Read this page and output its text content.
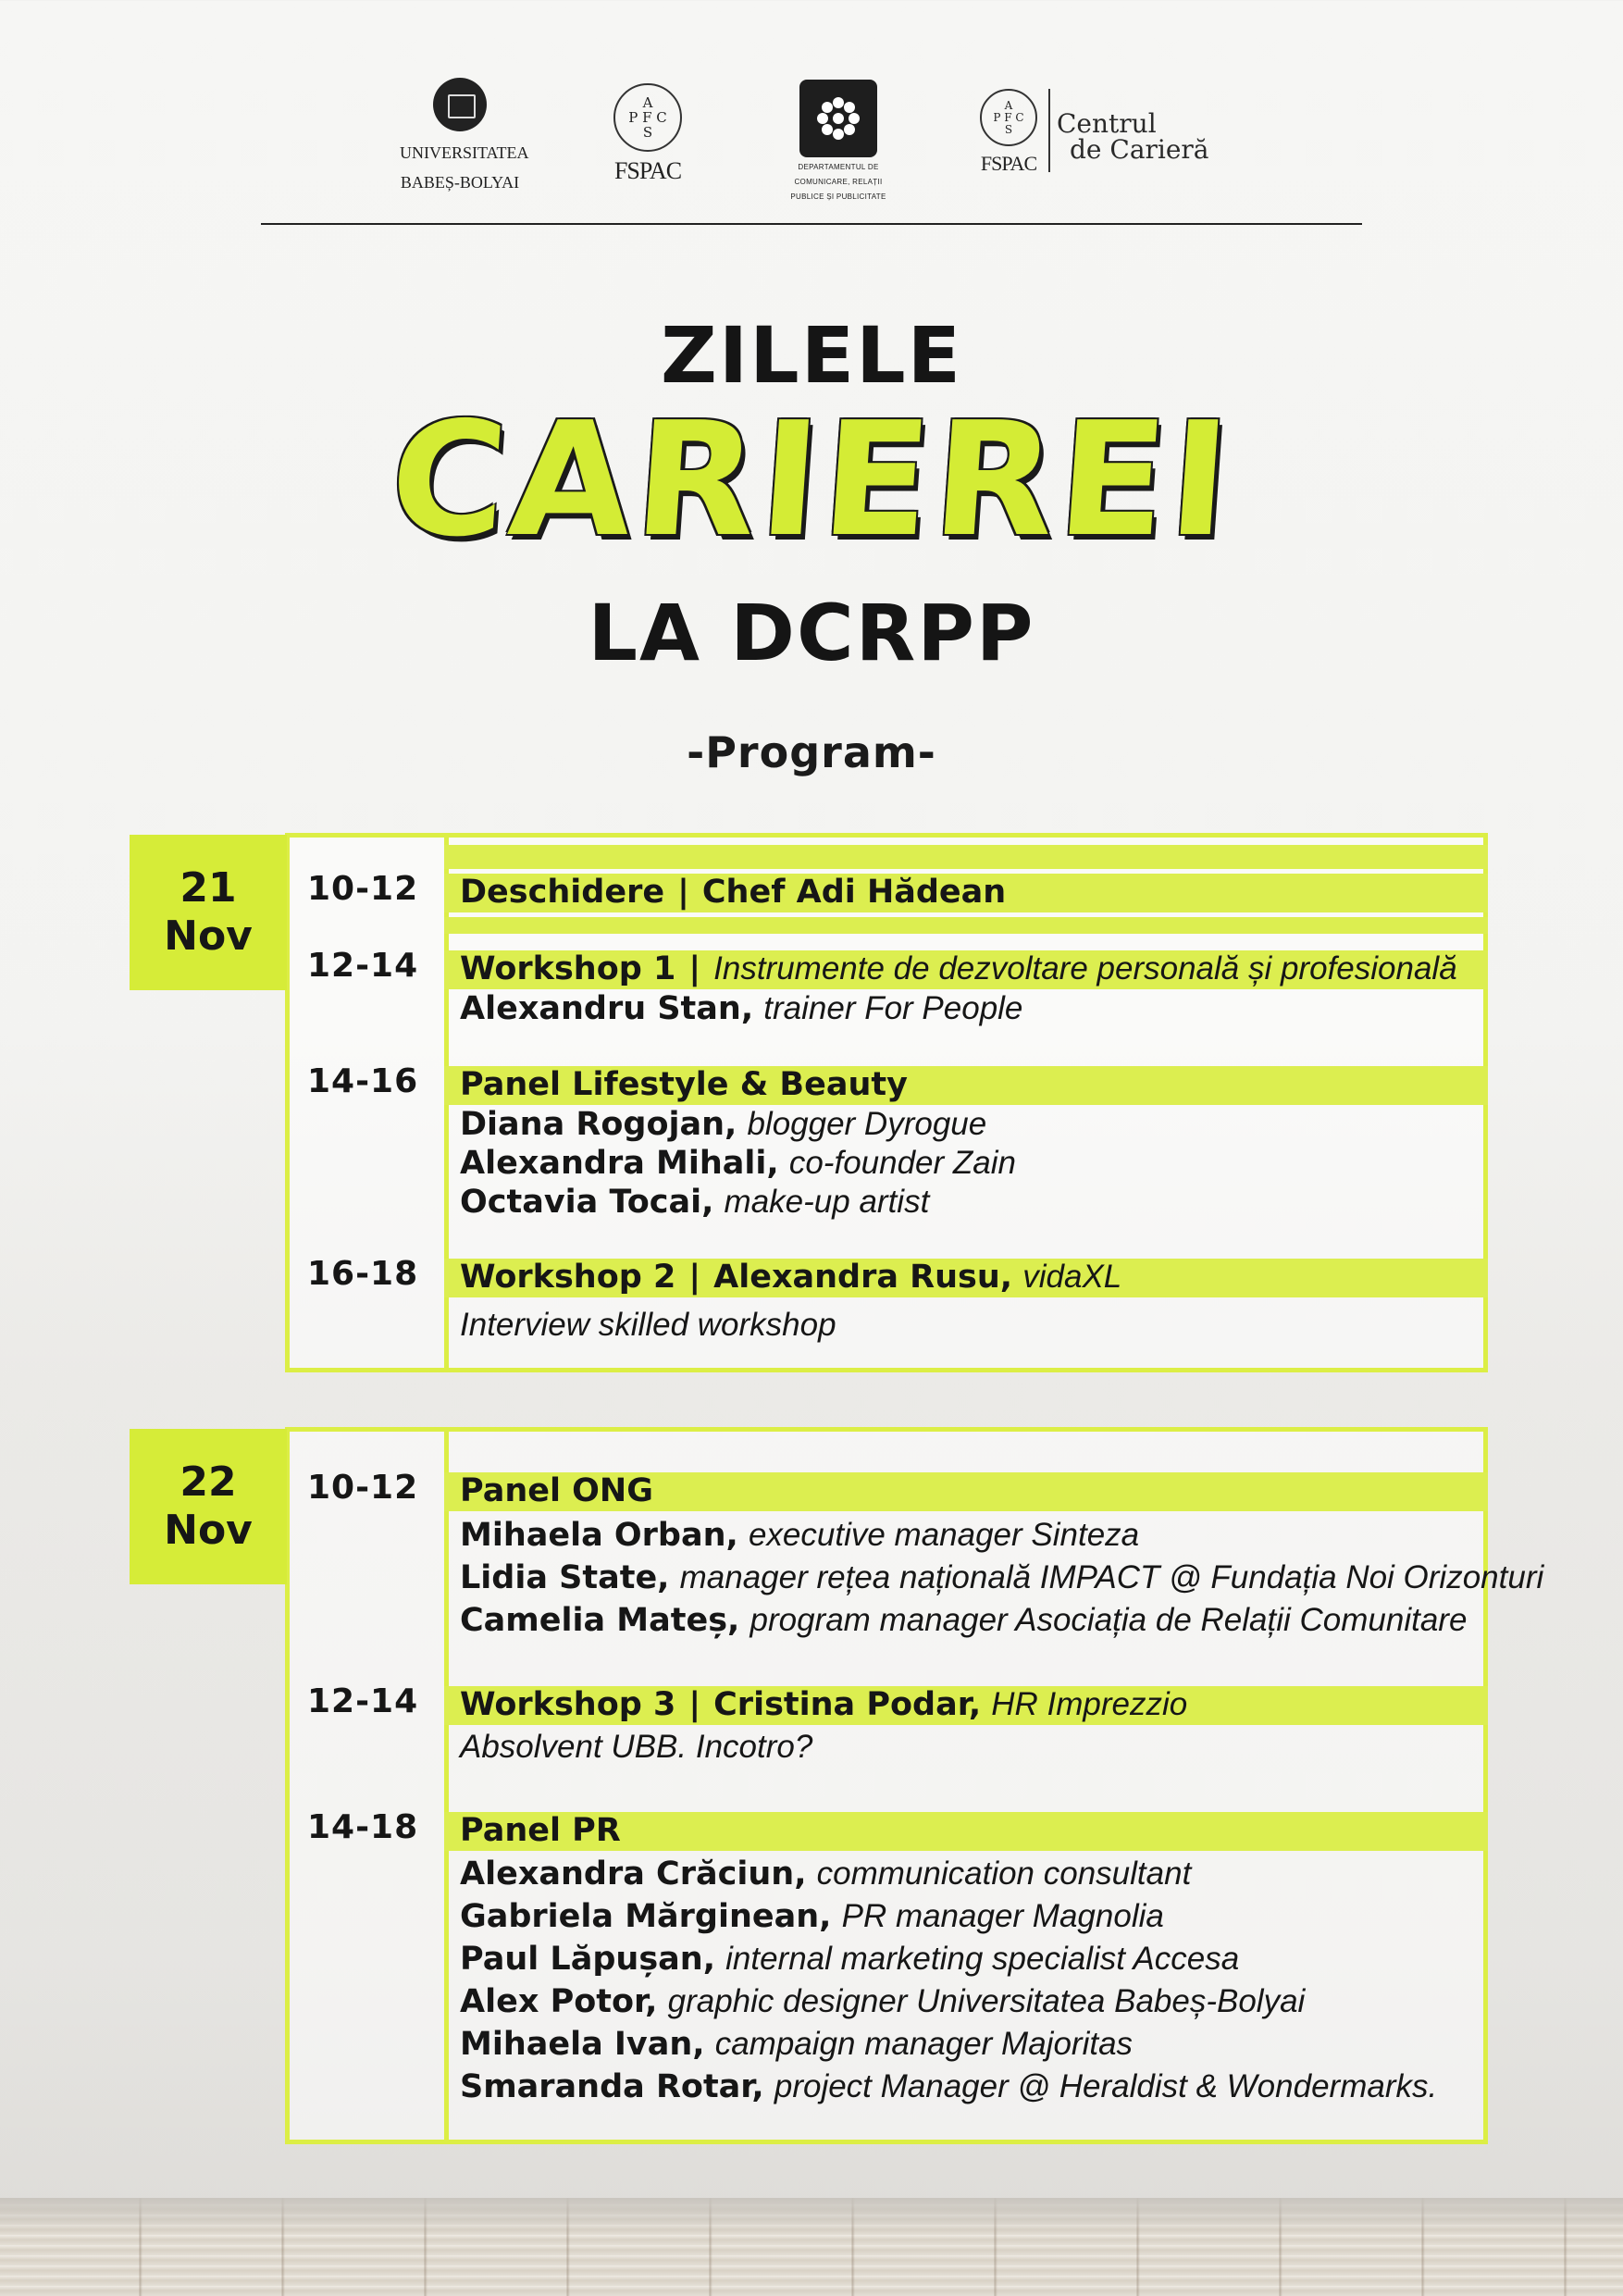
UNIVERSITATEA
BABEȘ-BOLYAI
A
P F C
S
FSPAC	DEPARTAMENTUL DE
COMUNICARE, RELAȚII
PUBLICE ȘI PUBLICITATE
A
P F C
S
FSPAC
Centrul
de Carieră
ZILELE
CARIEREI
LA DCRPP
-Program-
21
Nov
10-12 Deschidere | Chef Adi Hădean
12-14 Workshop 1 | Instrumente de dezvoltare personală și profesională
Alexandru Stan, trainer For People
14-16 Panel Lifestyle & Beauty
Diana Rogojan, blogger Dyrogue
Alexandra Mihali, co-founder Zain
Octavia Tocai, make-up artist
16-18 Workshop 2 | Alexandra Rusu, vidaXL
Interview skilled workshop
22
Nov
10-12 Panel ONG
Mihaela Orban, executive manager Sinteza
Lidia State, manager rețea națională IMPACT @ Fundația Noi Orizonturi
Camelia Mateș, program manager Asociația de Relații Comunitare
12-14 Workshop 3 | Cristina Podar, HR Imprezzio
Absolvent UBB. Incotro?
14-18 Panel PR
Alexandra Crăciun, communication consultant
Gabriela Mărginean, PR manager Magnolia
Paul Lăpușan, internal marketing specialist Accesa
Alex Potor, graphic designer Universitatea Babeș-Bolyai
Mihaela Ivan, campaign manager Majoritas
Smaranda Rotar, project Manager @ Heraldist & Wondermarks.
